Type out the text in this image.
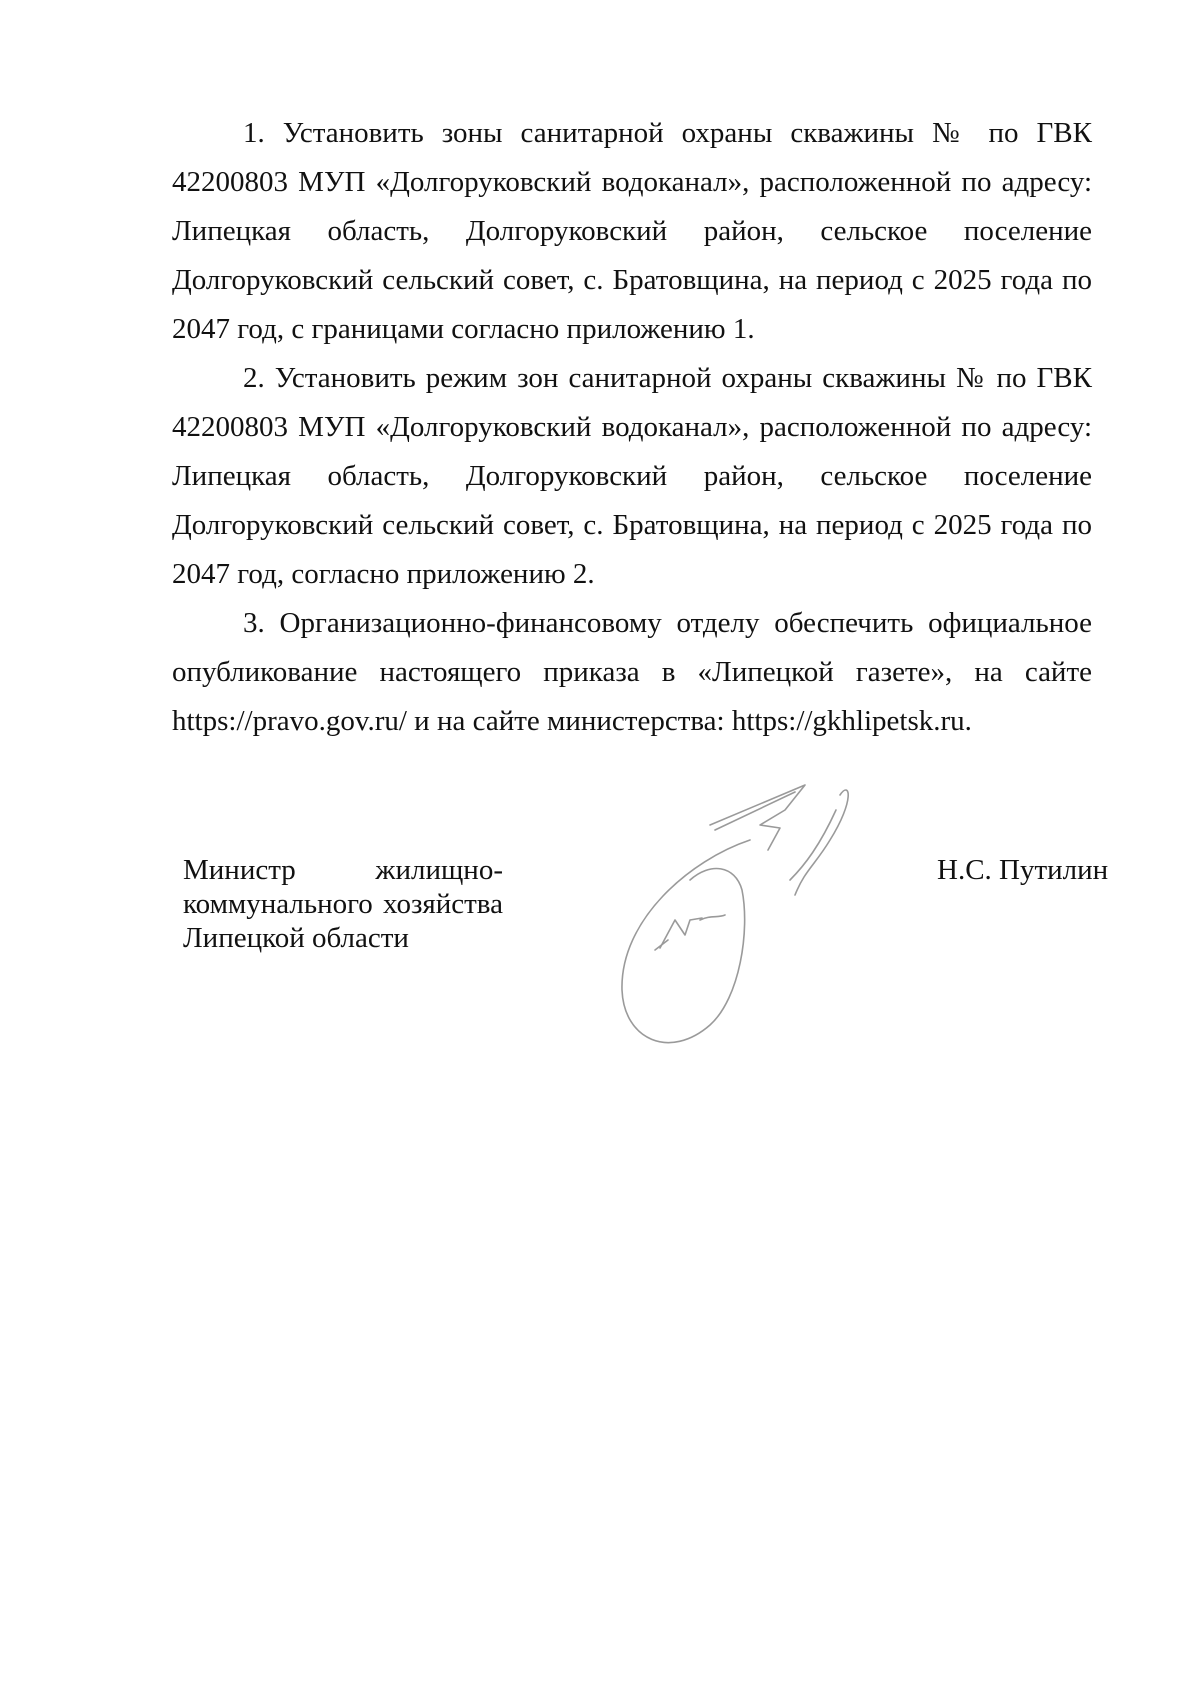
1. Установить зоны санитарной охраны скважины № по ГВК 42200803 МУП «Долгоруковский водоканал», расположенной по адресу: Липецкая область, Долгоруковский район, сельское поселение Долгоруковский сельский совет, с. Братовщина, на период с 2025 года по 2047 год, с границами согласно приложению 1.

2. Установить режим зон санитарной охраны скважины № по ГВК 42200803 МУП «Долгоруковский водоканал», расположенной по адресу: Липецкая область, Долгоруковский район, сельское поселение Долгоруковский сельский совет, с. Братовщина, на период с 2025 года по 2047 год, согласно приложению 2.

3. Организационно-финансовому отделу обеспечить официальное опубликование настоящего приказа в «Липецкой газете», на сайте https://pravo.gov.ru/ и на сайте министерства: https://gkhlipetsk.ru.

Министр жилищно-
коммунального хозяйства
Липецкой области
Н.С. Путилин
